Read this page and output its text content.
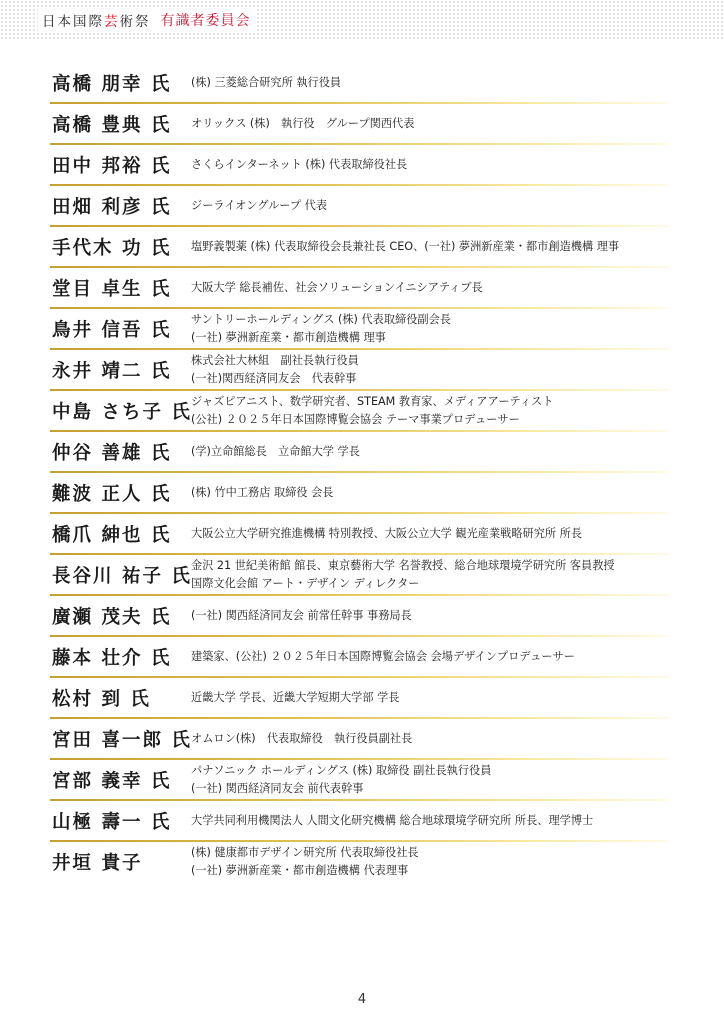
日本国際芸術祭 有識者委員会
高橋 朋幸 氏 (株) 三菱総合研究所 執行役員
高橋 豊典 氏 オリックス (株)　執行役　グループ関西代表
田中 邦裕 氏 さくらインターネット (株) 代表取締役社長
田畑 利彦 氏 ジーライオングループ 代表
手代木 功 氏 塩野義製薬 (株) 代表取締役会長兼社長 CEO、(一社) 夢洲新産業・都市創造機構 理事
堂目 卓生 氏 大阪大学 総長補佐、社会ソリューションイニシアティブ長
鳥井 信吾 氏
サントリーホールディングス (株) 代表取締役副会長
(一社) 夢洲新産業・都市創造機構 理事
永井 靖二 氏
株式会社大林組　副社長執行役員
(一社)関西経済同友会　代表幹事
中島 さち子 氏
ジャズピアニスト、数学研究者、STEAM 教育家、メディアアーティスト
(公社) ２０２５年日本国際博覧会協会 テーマ事業プロデューサー
仲谷 善雄 氏 (学)立命館総長　立命館大学 学長
難波 正人 氏 (株) 竹中工務店 取締役 会長
橋爪 紳也 氏 大阪公立大学研究推進機構 特別教授、大阪公立大学 観光産業戦略研究所 所長
長谷川 祐子 氏
金沢 21 世紀美術館 館長、東京藝術大学 名誉教授、総合地球環境学研究所 客員教授
国際文化会館 アート・デザイン ディレクター
廣瀬 茂夫 氏 (一社) 関西経済同友会 前常任幹事 事務局長
藤本 壮介 氏 建築家、(公社) ２０２５年日本国際博覧会協会 会場デザインプロデューサー
松村 到 氏	近畿大学 学長、近畿大学短期大学部 学長
宮田 喜一郎 氏 オムロン(株)　代表取締役　執行役員副社長
宮部 義幸 氏
パナソニック ホールディングス (株) 取締役 副社長執行役員
(一社) 関西経済同友会 前代表幹事
山極 壽一 氏 大学共同利用機関法人 人間文化研究機構 総合地球環境学研究所 所長、理学博士
井垣 貴子
(株) 健康都市デザイン研究所 代表取締役社長
(一社) 夢洲新産業・都市創造機構 代表理事
4
